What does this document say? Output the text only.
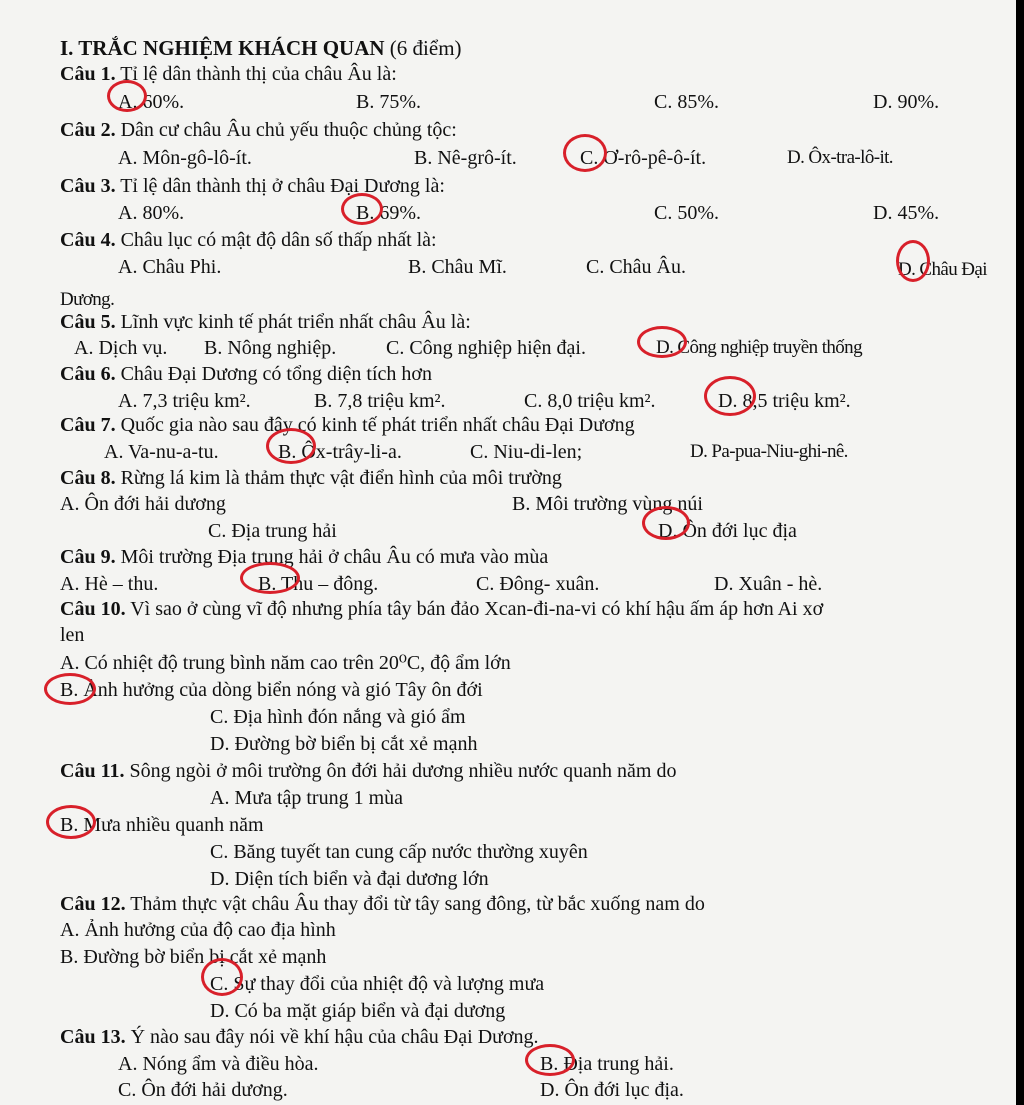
I. TRẮC NGHIỆM KHÁCH QUAN (6 điểm)
Câu 1. Tỉ lệ dân thành thị của châu Âu là:
A. 60%.	B. 75%.	C. 85%.	D. 90%.
Câu 2. Dân cư châu Âu chủ yếu thuộc chủng tộc:
A. Môn-gô-lô-ít.	B. Nê-grô-ít.	C. Ơ-rô-pê-ô-ít.	D. Ôx-tra-lô-it.
Câu 3. Tỉ lệ dân thành thị ở châu Đại Dương là:
A. 80%.	B. 69%.	C. 50%.	D. 45%.
Câu 4. Châu lục có mật độ dân số thấp nhất là:
A. Châu Phi.	B. Châu Mĩ.	C. Châu Âu.	D. Châu Đại Dương.
Câu 5. Lĩnh vực kinh tế phát triển nhất châu Âu là:
A. Dịch vụ. B. Nông nghiệp. C. Công nghiệp hiện đại.	D. Công nghiệp truyền thống
Câu 6. Châu Đại Dương có tổng diện tích hơn
A. 7,3 triệu km².	B. 7,8 triệu km².	C. 8,0 triệu km².	D. 8,5 triệu km².
Câu 7. Quốc gia nào sau đây có kinh tế phát triển nhất châu Đại Dương
A. Va-nu-a-tu.	B. Ôx-trây-li-a.	C. Niu-di-len;	D. Pa-pua-Niu-ghi-nê.
Câu 8. Rừng lá kim là thảm thực vật điển hình của môi trường
A. Ôn đới hải dương	B. Môi trường vùng núi
C. Địa trung hải	D. Ôn đới lục địa
Câu 9. Môi trường Địa trung hải ở châu Âu có mưa vào mùa
A. Hè – thu.	B. Thu – đông.	C. Đông- xuân.	D. Xuân - hè.
Câu 10. Vì sao ở cùng vĩ độ nhưng phía tây bán đảo Xcan-đi-na-vi có khí hậu ấm áp hơn Ai xơ
len
A. Có nhiệt độ trung bình năm cao trên 20⁰C, độ ẩm lớn
B. Ảnh hưởng của dòng biển nóng và gió Tây ôn đới
C. Địa hình đón nắng và gió ẩm
D. Đường bờ biển bị cắt xẻ mạnh
Câu 11. Sông ngòi ở môi trường ôn đới hải dương nhiều nước quanh năm do
A. Mưa tập trung 1 mùa
B. Mưa nhiều quanh năm
C. Băng tuyết tan cung cấp nước thường xuyên
D. Diện tích biển và đại dương lớn
Câu 12. Thảm thực vật châu Âu thay đổi từ tây sang đông, từ bắc xuống nam do
A. Ảnh hưởng của độ cao địa hình
B. Đường bờ biển bị cắt xẻ mạnh
C. Sự thay đổi của nhiệt độ và lượng mưa
D. Có ba mặt giáp biển và đại dương
Câu 13. Ý nào sau đây nói về khí hậu của châu Đại Dương.
A. Nóng ẩm và điều hòa.	B. Địa trung hải.
C. Ôn đới hải dương.	D. Ôn đới lục địa.
